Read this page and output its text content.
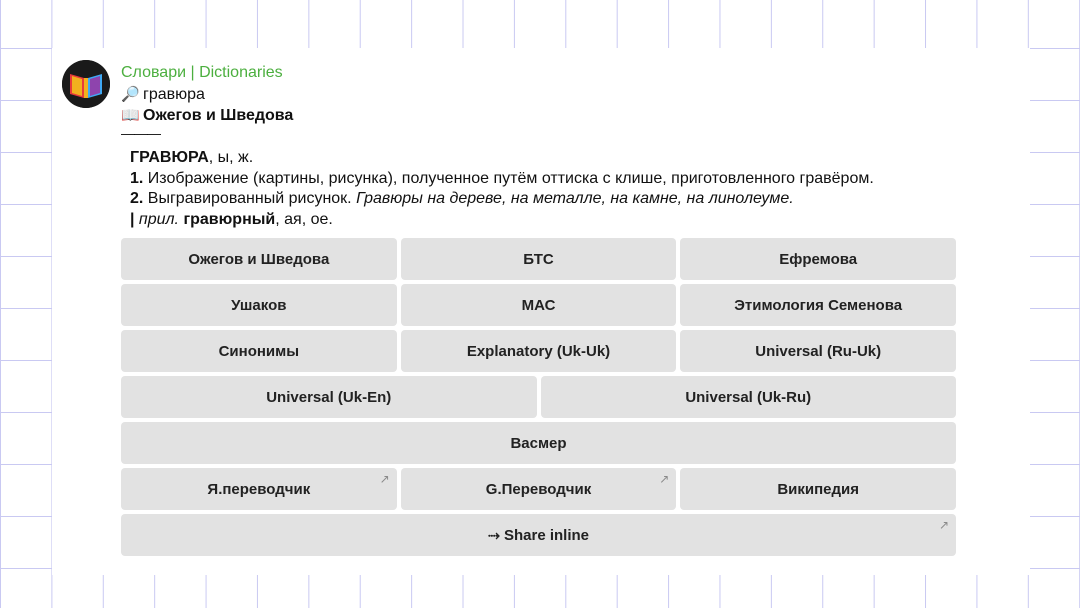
Словари | Dictionaries
🔎 гравюра
📖 Ожегов и Шведова
———

ГРАВЮРА, ы, ж.

1. Изображение (картины, рисунка), полученное путём оттиска с клише, приготовленного гравёром.

2. Выгравированный рисунок. Гравюры на дереве, на металле, на камне, на линолеуме.

| прил. гравюрный, ая, ое.

Ожегов и Шведова	БТС	Ефремова
Ушаков	МАС	Этимология Семенова
Синонимы	Explanatory (Uk-Uk)	Universal (Ru-Uk)
Universal (Uk-En)	Universal (Uk-Ru)
Васмер
Я.переводчик
↗
G.Переводчик
↗
Википедия
⤑ Share inline
↗
